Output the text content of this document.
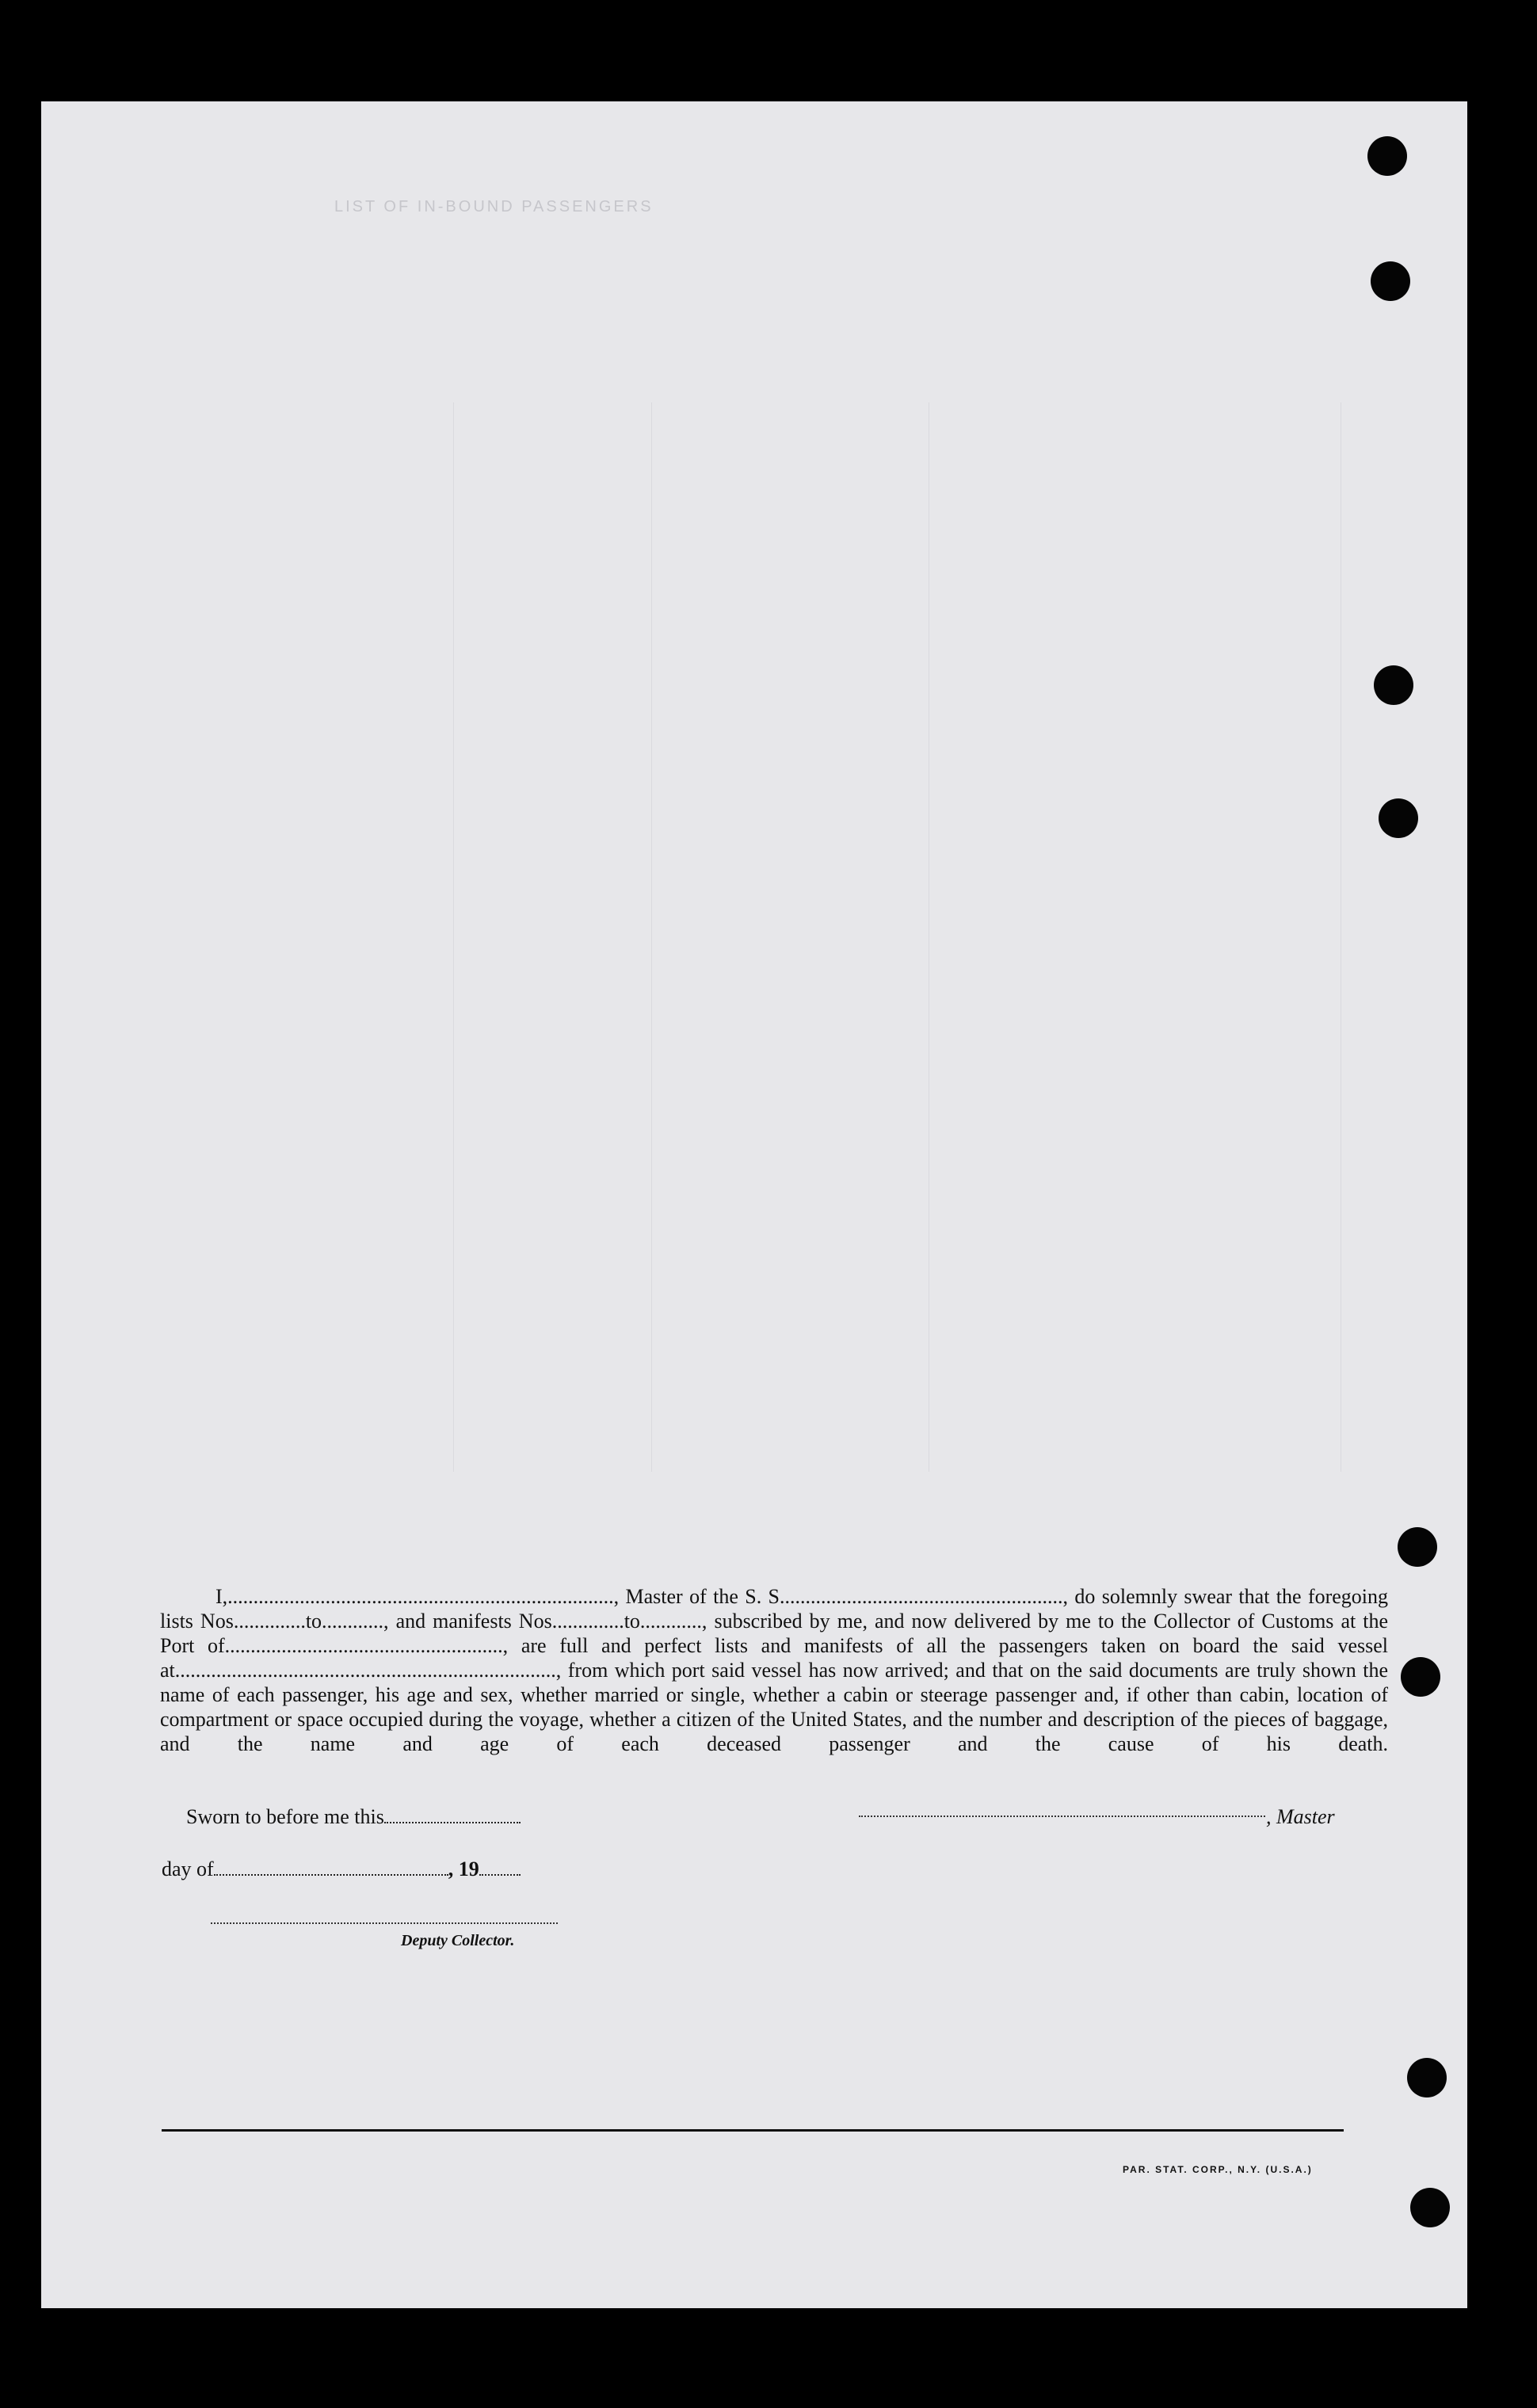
LIST OF IN-BOUND PASSENGERS

I,..........................................................................., Master of the S. S......................................................., do solemnly swear that the foregoing lists Nos..............to............, and manifests Nos..............to............, subscribed by me, and now delivered by me to the Collector of Customs at the Port of......................................................, are full and perfect lists and manifests of all the passengers taken on board the said vessel at.........................................................................., from which port said vessel has now arrived; and that on the said documents are truly shown the name of each passenger, his age and sex, whether married or single, whether a cabin or steerage passenger and, if other than cabin, location of compartment or space occupied during the voyage, whether a citizen of the United States, and the number and description of the pieces of baggage, and the name and age of each deceased passenger and the cause of his death.

Sworn to before me this	, Master
day of	, 19
Deputy Collector.
PAR. STAT. CORP., N.Y. (U.S.A.)
